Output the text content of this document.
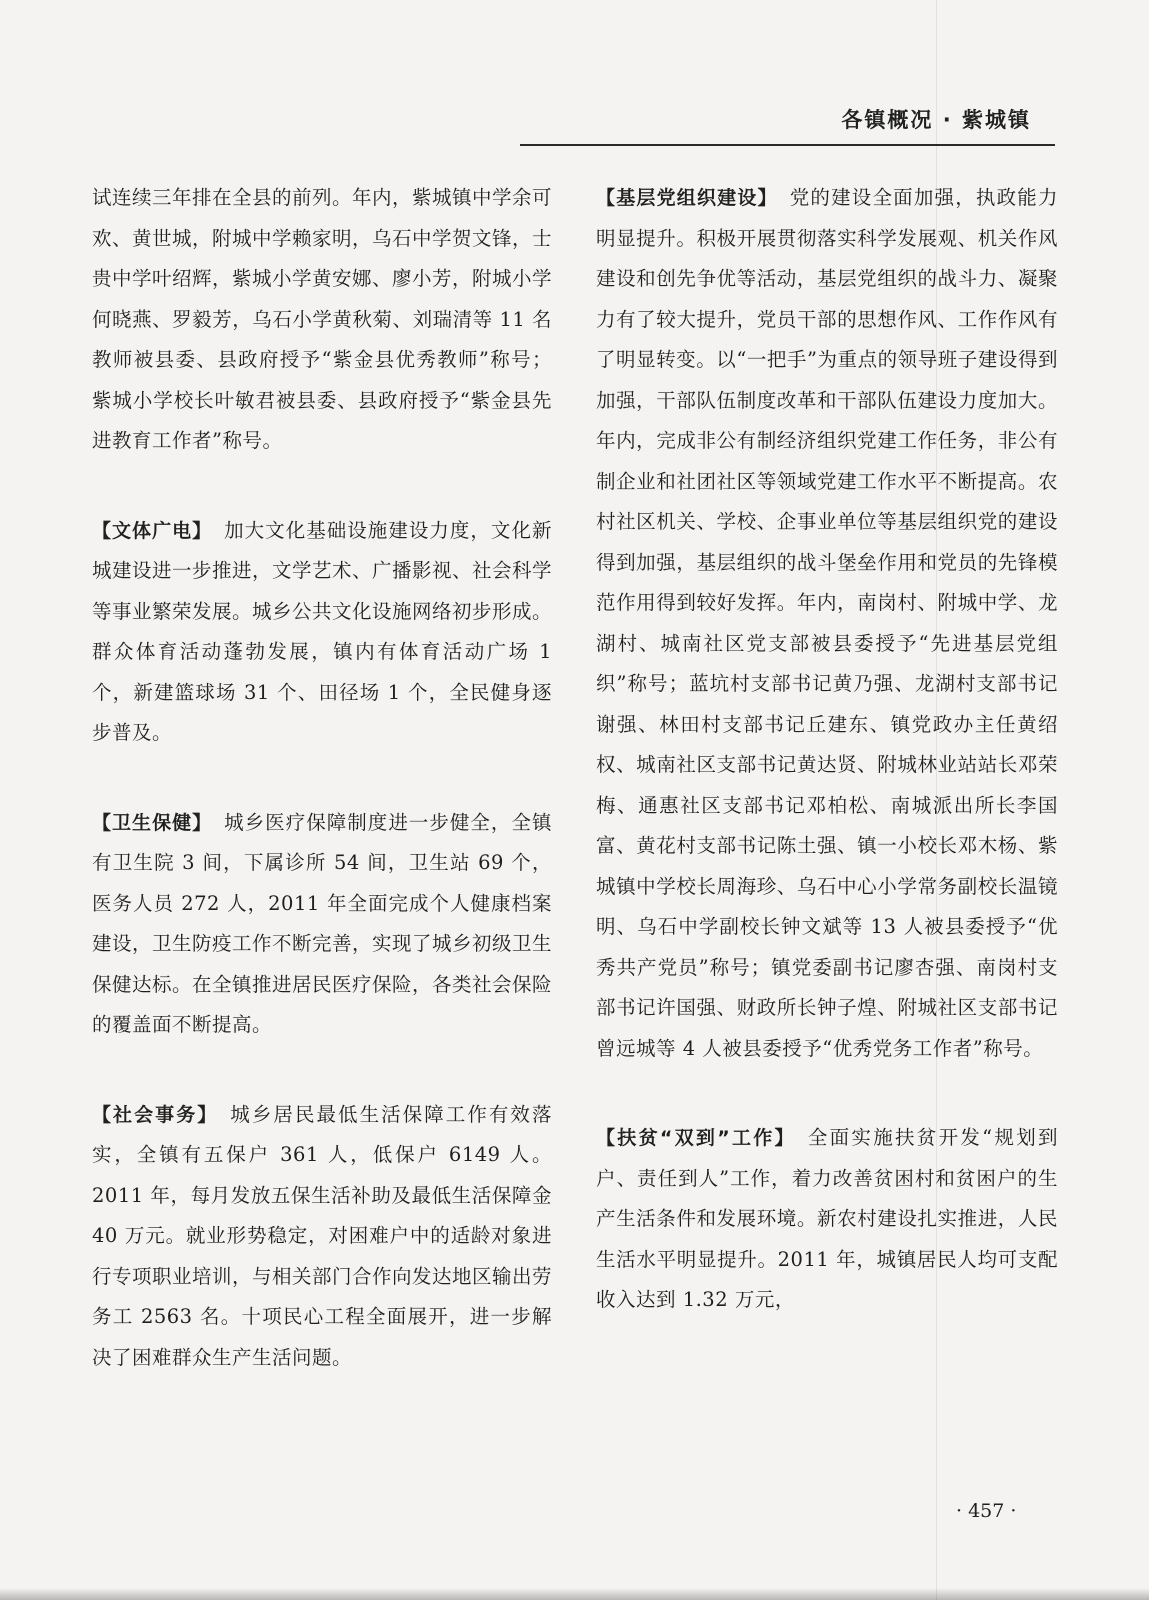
各镇概况 · 紫城镇

试连续三年排在全县的前列。年内，紫城镇中学余可欢、黄世城，附城中学赖家明，乌石中学贺文锋，士贵中学叶绍辉，紫城小学黄安娜、廖小芳，附城小学何晓燕、罗毅芳，乌石小学黄秋菊、刘瑞清等 11 名教师被县委、县政府授予“紫金县优秀教师”称号；紫城小学校长叶敏君被县委、县政府授予“紫金县先进教育工作者”称号。

【文体广电】 加大文化基础设施建设力度，文化新城建设进一步推进，文学艺术、广播影视、社会科学等事业繁荣发展。城乡公共文化设施网络初步形成。群众体育活动蓬勃发展，镇内有体育活动广场 1 个，新建篮球场 31 个、田径场 1 个，全民健身逐步普及。

【卫生保健】 城乡医疗保障制度进一步健全，全镇有卫生院 3 间，下属诊所 54 间，卫生站 69 个，医务人员 272 人，2011 年全面完成个人健康档案建设，卫生防疫工作不断完善，实现了城乡初级卫生保健达标。在全镇推进居民医疗保险，各类社会保险的覆盖面不断提高。

【社会事务】 城乡居民最低生活保障工作有效落实，全镇有五保户 361 人，低保户 6149 人。2011 年，每月发放五保生活补助及最低生活保障金 40 万元。就业形势稳定，对困难户中的适龄对象进行专项职业培训，与相关部门合作向发达地区输出劳务工 2563 名。十项民心工程全面展开，进一步解决了困难群众生产生活问题。

【基层党组织建设】 党的建设全面加强，执政能力明显提升。积极开展贯彻落实科学发展观、机关作风建设和创先争优等活动，基层党组织的战斗力、凝聚力有了较大提升，党员干部的思想作风、工作作风有了明显转变。以“一把手”为重点的领导班子建设得到加强，干部队伍制度改革和干部队伍建设力度加大。年内，完成非公有制经济组织党建工作任务，非公有制企业和社团社区等领域党建工作水平不断提高。农村社区机关、学校、企事业单位等基层组织党的建设得到加强，基层组织的战斗堡垒作用和党员的先锋模范作用得到较好发挥。年内，南岗村、附城中学、龙湖村、城南社区党支部被县委授予“先进基层党组织”称号；蓝坑村支部书记黄乃强、龙湖村支部书记谢强、林田村支部书记丘建东、镇党政办主任黄绍权、城南社区支部书记黄达贤、附城林业站站长邓荣梅、通惠社区支部书记邓柏松、南城派出所长李国富、黄花村支部书记陈土强、镇一小校长邓木杨、紫城镇中学校长周海珍、乌石中心小学常务副校长温镜明、乌石中学副校长钟文斌等 13 人被县委授予“优秀共产党员”称号；镇党委副书记廖杏强、南岗村支部书记许国强、财政所长钟子煌、附城社区支部书记曾远城等 4 人被县委授予“优秀党务工作者”称号。

【扶贫“双到”工作】 全面实施扶贫开发“规划到户、责任到人”工作，着力改善贫困村和贫困户的生产生活条件和发展环境。新农村建设扎实推进，人民生活水平明显提升。2011 年，城镇居民人均可支配收入达到 1.32 万元，

· 457 ·
